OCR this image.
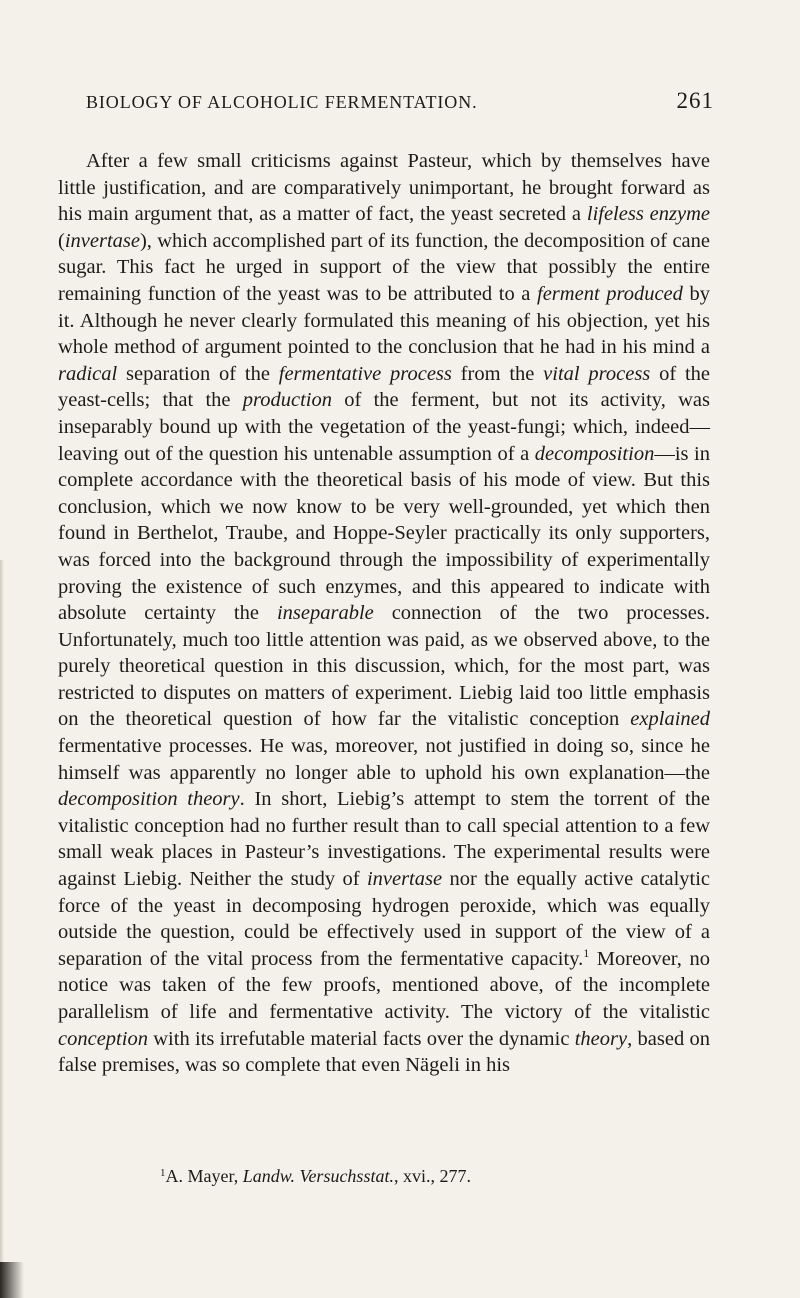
BIOLOGY OF ALCOHOLIC FERMENTATION.	261

After a few small criticisms against Pasteur, which by themselves have little justification, and are comparatively unimportant, he brought forward as his main argument that, as a matter of fact, the yeast secreted a lifeless enzyme (invertase), which accomplished part of its function, the decomposition of cane sugar. This fact he urged in support of the view that possibly the entire remaining function of the yeast was to be attributed to a ferment produced by it. Although he never clearly formulated this meaning of his objection, yet his whole method of argument pointed to the conclusion that he had in his mind a radical separation of the fermentative process from the vital process of the yeast-cells; that the production of the ferment, but not its activity, was inseparably bound up with the vegetation of the yeast-fungi; which, indeed—leaving out of the question his untenable assumption of a decomposition—is in complete accordance with the theoretical basis of his mode of view. But this conclusion, which we now know to be very well-grounded, yet which then found in Berthelot, Traube, and Hoppe-Seyler practically its only supporters, was forced into the background through the impossibility of experimentally proving the existence of such enzymes, and this appeared to indicate with absolute certainty the inseparable connection of the two processes. Unfortunately, much too little attention was paid, as we observed above, to the purely theoretical question in this discussion, which, for the most part, was restricted to disputes on matters of experiment. Liebig laid too little emphasis on the theoretical question of how far the vitalistic conception explained fermentative processes. He was, moreover, not justified in doing so, since he himself was apparently no longer able to uphold his own explanation—the decomposition theory. In short, Liebig’s attempt to stem the torrent of the vitalistic conception had no further result than to call special attention to a few small weak places in Pasteur’s investigations. The experimental results were against Liebig. Neither the study of invertase nor the equally active catalytic force of the yeast in decomposing hydrogen peroxide, which was equally outside the question, could be effectively used in support of the view of a separation of the vital process from the fermentative capacity.$^1$ Moreover, no notice was taken of the few proofs, mentioned above, of the incomplete parallelism of life and fermentative activity. The victory of the vitalistic conception with its irrefutable material facts over the dynamic theory, based on false premises, was so complete that even Nägeli in his

$^1$A. Mayer, Landw. Versuchsstat., xvi., 277.
